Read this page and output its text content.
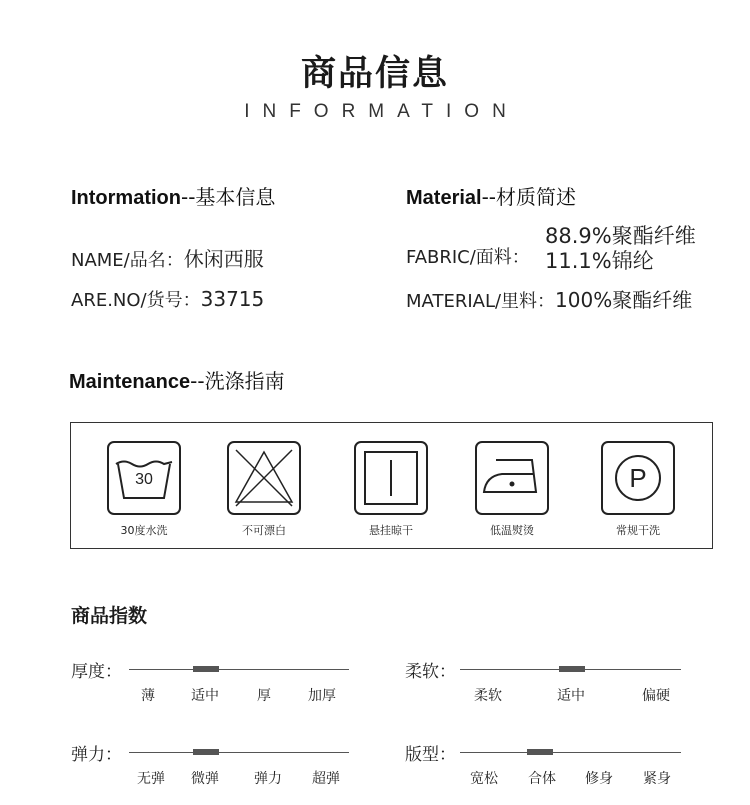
商品信息
INFORMATION
Intormation--基本信息
NAME/品名：休闲西服
ARE.NO/货号：33715
Material--材质简述
FABRIC/面料：
88.9%聚酯纤维
11.1%锦纶
MATERIAL/里料：100%聚酯纤维
Maintenance--洗涤指南
30
30度水洗	不可漂白	悬挂晾干	低温熨烫
P
常规干洗
商品指数
厚度：
薄	适中	厚	加厚
柔软：
柔软	适中	偏硬
弹力：
无弹 微弹	弹力 超弹
版型：
宽松 合体 修身 紧身
